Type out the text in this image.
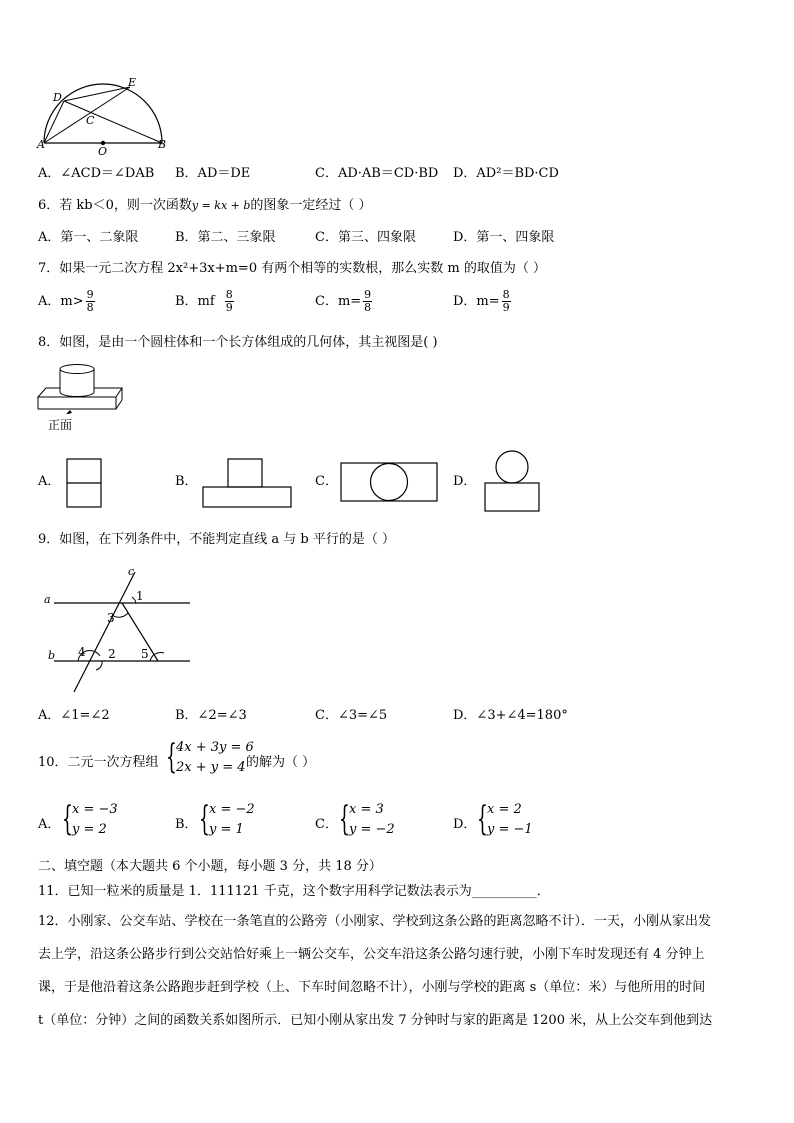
D
E
C
A	B
O
A．∠ACD＝∠DAB B．AD＝DE	C．AD·AB＝CD·BD D．AD²＝BD·CD
6．若 kb＜0，则一次函数y = kx + b的图象一定经过（ ）
A．第一、二象限	B．第二、三象限	C．第三、四象限	D．第一、四象限
7．如果一元二次方程 2x²+3x+m=0 有两个相等的实数根，那么实数 m 的取值为（ ）
A．$m> \frac{9}{8}$	B．mf $\frac{8}{9}$	C．$m= \frac{9}{8}$	D．$m= \frac{8}{9}$
8．如图，是由一个圆柱体和一个长方体组成的几何体，其主视图是( )
正面
A．	B．	C．	D．
9．如图，在下列条件中，不能判定直线 a 与 b 平行的是（ ）
c
a
b
1
3
4 2 5
A．∠1=∠2	B．∠2=∠3	C．∠3=∠5	D．∠3+∠4=180°
10．二元一次方程组 { 4x + 3y = 6
2x + y = 4 的解为（ ）
A． { x = −3
y = 2	B． { x = −2
y = 1	C． { x = 3
y = −2	D． { x = 2
y = −1
二、填空题（本大题共 6 个小题，每小题 3 分，共 18 分）
11．已知一粒米的质量是 1．111121 千克，这个数字用科学记数法表示为__________．
12．小刚家、公交车站、学校在一条笔直的公路旁（小刚家、学校到这条公路的距离忽略不计）．一天，小刚从家出发
去上学，沿这条公路步行到公交站恰好乘上一辆公交车，公交车沿这条公路匀速行驶，小刚下车时发现还有 4 分钟上
课，于是他沿着这条公路跑步赶到学校（上、下车时间忽略不计），小刚与学校的距离 s（单位：米）与他所用的时间
t（单位：分钟）之间的函数关系如图所示．已知小刚从家出发 7 分钟时与家的距离是 1200 米，从上公交车到他到达
